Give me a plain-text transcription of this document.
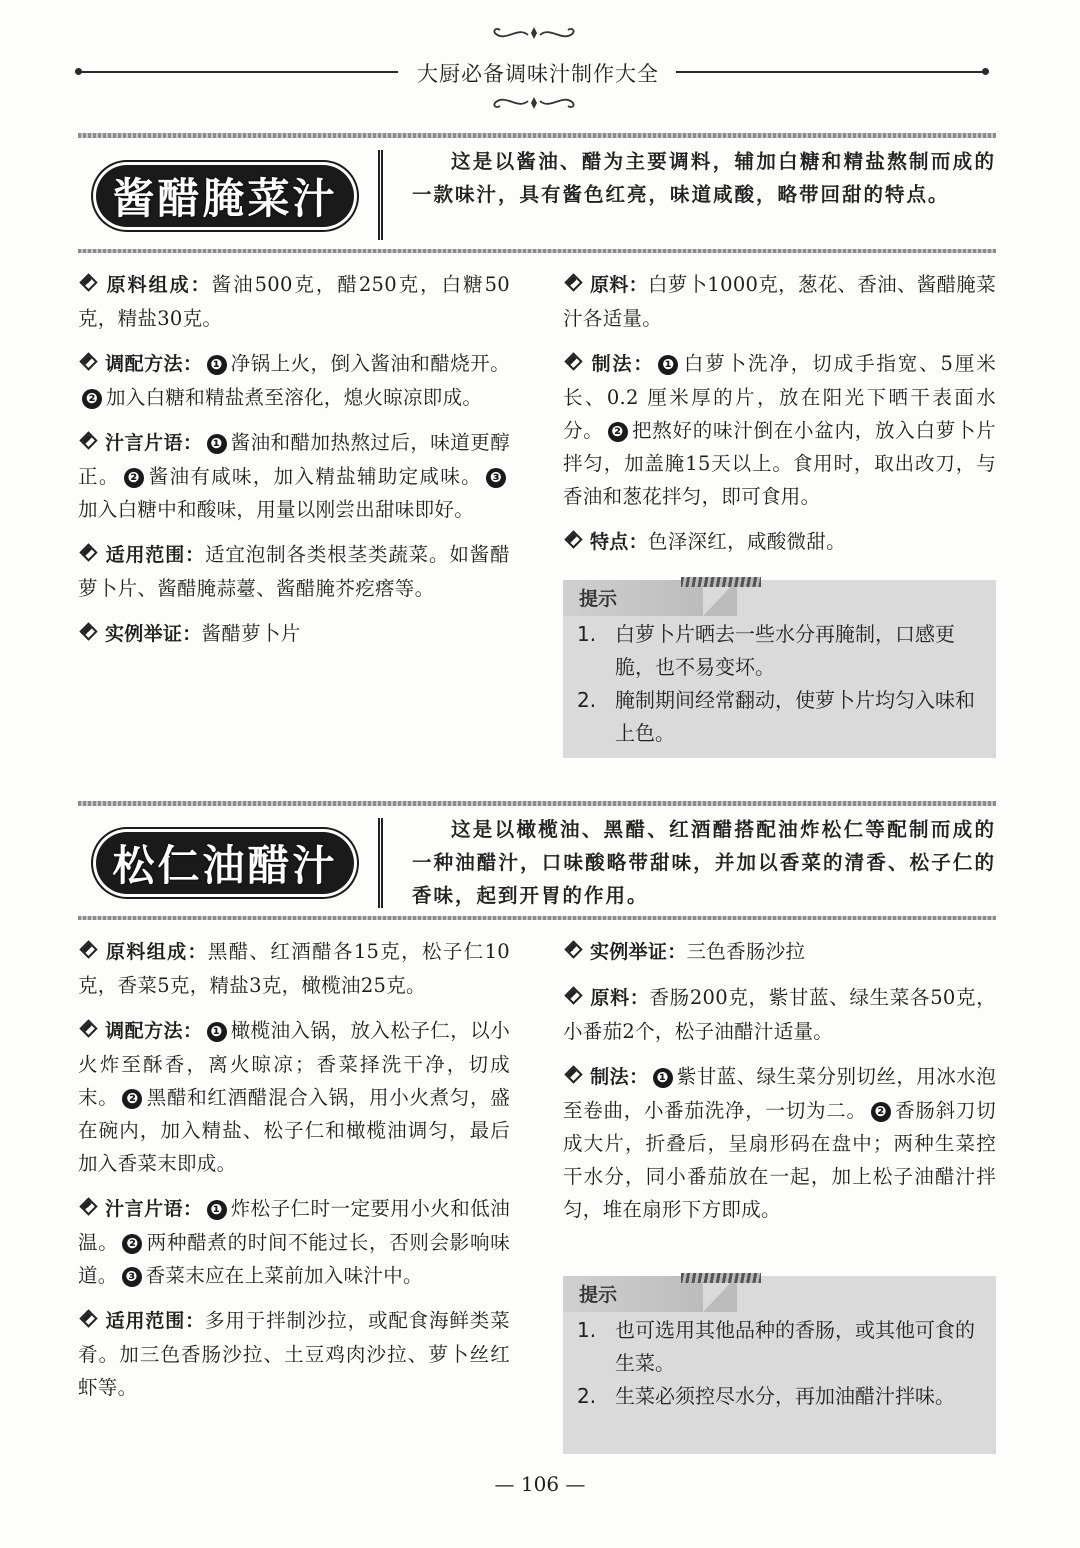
大厨必备调味汁制作大全
酱醋腌菜汁
这是以酱油、醋为主要调料，辅加白糖和精盐熬制而成的一款味汁，具有酱色红亮，味道咸酸，略带回甜的特点。

原料组成：酱油500克，醋250克，白糖50克，精盐30克。

调配方法： ❶ 净锅上火，倒入酱油和醋烧开。❷ 加入白糖和精盐煮至溶化，熄火晾凉即成。

汁言片语： ❶ 酱油和醋加热熬过后，味道更醇正。 ❷ 酱油有咸味，加入精盐辅助定咸味。 ❸加入白糖中和酸味，用量以刚尝出甜味即好。

适用范围：适宜泡制各类根茎类蔬菜。如酱醋萝卜片、酱醋腌蒜薹、酱醋腌芥疙瘩等。

实例举证：酱醋萝卜片

原料：白萝卜1000克，葱花、香油、酱醋腌菜汁各适量。

制法： ❶ 白萝卜洗净，切成手指宽、5厘米长、0.2 厘米厚的片，放在阳光下晒干表面水分。 ❷ 把熬好的味汁倒在小盆内，放入白萝卜片拌匀，加盖腌15天以上。食用时，取出改刀，与香油和葱花拌匀，即可食用。

特点：色泽深红，咸酸微甜。

提示
1. 白萝卜片晒去一些水分再腌制，口感更脆，也不易变坏。
2. 腌制期间经常翻动，使萝卜片均匀入味和上色。
松仁油醋汁
这是以橄榄油、黑醋、红酒醋搭配油炸松仁等配制而成的一种油醋汁，口味酸略带甜味，并加以香菜的清香、松子仁的香味，起到开胃的作用。

原料组成：黑醋、红酒醋各15克，松子仁10克，香菜5克，精盐3克，橄榄油25克。

调配方法： ❶ 橄榄油入锅，放入松子仁，以小火炸至酥香，离火晾凉；香菜择洗干净，切成末。 ❷ 黑醋和红酒醋混合入锅，用小火煮匀，盛在碗内，加入精盐、松子仁和橄榄油调匀，最后加入香菜末即成。

汁言片语： ❶ 炸松子仁时一定要用小火和低油温。 ❷ 两种醋煮的时间不能过长，否则会影响味道。 ❸ 香菜末应在上菜前加入味汁中。

适用范围：多用于拌制沙拉，或配食海鲜类菜肴。加三色香肠沙拉、土豆鸡肉沙拉、萝卜丝红虾等。

实例举证：三色香肠沙拉

原料：香肠200克，紫甘蓝、绿生菜各50克，小番茄2个，松子油醋汁适量。

制法： ❶ 紫甘蓝、绿生菜分别切丝，用冰水泡至卷曲，小番茄洗净，一切为二。 ❷ 香肠斜刀切成大片，折叠后，呈扇形码在盘中；两种生菜控干水分，同小番茄放在一起，加上松子油醋汁拌匀，堆在扇形下方即成。

提示
1. 也可选用其他品种的香肠，或其他可食的生菜。
2. 生菜必须控尽水分，再加油醋汁拌味。
— 106 —
